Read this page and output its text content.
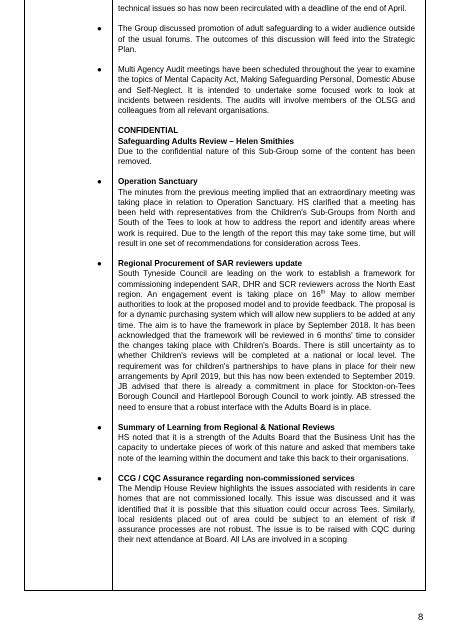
technical issues so has now been recirculated with a deadline of the end of April.

● The Group discussed promotion of adult safeguarding to a wider audience outside of the usual forums. The outcomes of this discussion will feed into the Strategic Plan.

● Multi Agency Audit meetings have been scheduled throughout the year to examine the topics of Mental Capacity Act, Making Safeguarding Personal, Domestic Abuse and Self-Neglect. It is intended to undertake some focused work to look at incidents between residents. The audits will involve members of the OLSG and colleagues from all relevant organisations.

CONFIDENTIAL

Safeguarding Adults Review – Helen Smithies

Due to the confidential nature of this Sub-Group some of the content has been removed.

● Operation Sanctuary

The minutes from the previous meeting implied that an extraordinary meeting was taking place in relation to Operation Sanctuary. HS clarified that a meeting has been held with representatives from the Children's Sub-Groups from North and South of the Tees to look at how to address the report and identify areas where work is required. Due to the length of the report this may take some time, but will result in one set of recommendations for consideration across Tees.

● Regional Procurement of SAR reviewers update

South Tyneside Council are leading on the work to establish a framework for commissioning independent SAR, DHR and SCR reviewers across the North East region. An engagement event is taking place on 16th May to allow member authorities to look at the proposed model and to provide feedback. The proposal is for a dynamic purchasing system which will allow new suppliers to be added at any time. The aim is to have the framework in place by September 2018. It has been acknowledged that the framework will be reviewed in 6 months' time to consider the changes taking place with Children's Boards. There is still uncertainty as to whether Children's reviews will be completed at a national or local level. The requirement was for children's partnerships to have plans in place for their new arrangements by April 2019, but this has now been extended to September 2019. JB advised that there is already a commitment in place for Stockton-on-Tees Borough Council and Hartlepool Borough Council to work jointly. AB stressed the need to ensure that a robust interface with the Adults Board is in place.

● Summary of Learning from Regional & National Reviews

HS noted that it is a strength of the Adults Board that the Business Unit has the capacity to undertake pieces of work of this nature and asked that members take note of the learning within the document and take this back to their organisations.

● CCG / CQC Assurance regarding non-commissioned services

The Mendip House Review highlights the issues associated with residents in care homes that are not commissioned locally. This issue was discussed and it was identified that it is possible that this situation could occur across Tees. Similarly, local residents placed out of area could be subject to an element of risk if assurance processes are not robust. The issue is to be raised with CQC during their next attendance at Board. All LAs are involved in a scoping

8
